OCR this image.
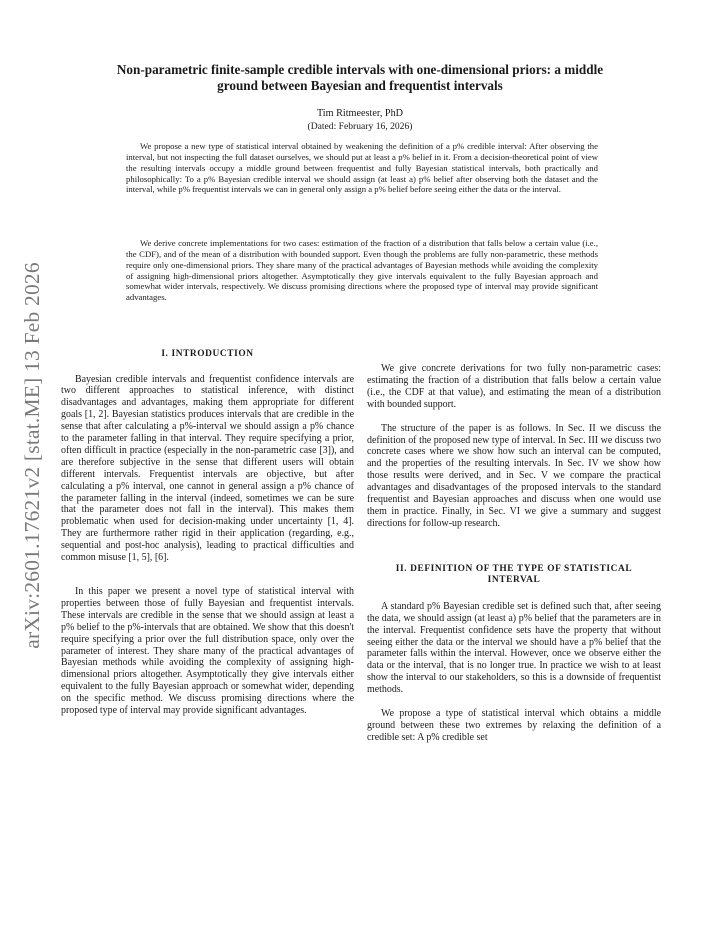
arXiv:2601.17621v2 [stat.ME] 13 Feb 2026
Non-parametric finite-sample credible intervals with one-dimensional priors: a middle ground between Bayesian and frequentist intervals
Tim Ritmeester, PhD
(Dated: February 16, 2026)

We propose a new type of statistical interval obtained by weakening the definition of a p% credible interval: After observing the interval, but not inspecting the full dataset ourselves, we should put at least a p% belief in it. From a decision-theoretical point of view the resulting intervals occupy a middle ground between frequentist and fully Bayesian statistical intervals, both practically and philosophically: To a p% Bayesian credible interval we should assign (at least a) p% belief after observing both the dataset and the interval, while p% frequentist intervals we can in general only assign a p% belief before seeing either the data or the interval.

We derive concrete implementations for two cases: estimation of the fraction of a distribution that falls below a certain value (i.e., the CDF), and of the mean of a distribution with bounded support. Even though the problems are fully non-parametric, these methods require only one-dimensional priors. They share many of the practical advantages of Bayesian methods while avoiding the complexity of assigning high-dimensional priors altogether. Asymptotically they give intervals equivalent to the fully Bayesian approach and somewhat wider intervals, respectively. We discuss promising directions where the proposed type of interval may provide significant advantages.

I. INTRODUCTION

Bayesian credible intervals and frequentist confidence intervals are two different approaches to statistical inference, with distinct disadvantages and advantages, making them appropriate for different goals [1, 2]. Bayesian statistics produces intervals that are credible in the sense that after calculating a p%-interval we should assign a p% chance to the parameter falling in that interval. They require specifying a prior, often difficult in practice (especially in the non-parametric case [3]), and are therefore subjective in the sense that different users will obtain different intervals. Frequentist intervals are objective, but after calculating a p% interval, one cannot in general assign a p% chance of the parameter falling in the interval (indeed, sometimes we can be sure that the parameter does not fall in the interval). This makes them problematic when used for decision-making under uncertainty [1, 4]. They are furthermore rather rigid in their application (regarding, e.g., sequential and post-hoc analysis), leading to practical difficulties and common misuse [1, 5], [6].

In this paper we present a novel type of statistical interval with properties between those of fully Bayesian and frequentist intervals. These intervals are credible in the sense that we should assign at least a p% belief to the p%-intervals that are obtained. We show that this doesn't require specifying a prior over the full distribution space, only over the parameter of interest. They share many of the practical advantages of Bayesian methods while avoiding the complexity of assigning high-dimensional priors altogether. Asymptotically they give intervals either equivalent to the fully Bayesian approach or somewhat wider, depending on the specific method. We discuss promising directions where the proposed type of interval may provide significant advantages.

We give concrete derivations for two fully non-parametric cases: estimating the fraction of a distribution that falls below a certain value (i.e., the CDF at that value), and estimating the mean of a distribution with bounded support.

The structure of the paper is as follows. In Sec. II we discuss the definition of the proposed new type of interval. In Sec. III we discuss two concrete cases where we show how such an interval can be computed, and the properties of the resulting intervals. In Sec. IV we show how those results were derived, and in Sec. V we compare the practical advantages and disadvantages of the proposed intervals to the standard frequentist and Bayesian approaches and discuss when one would use them in practice. Finally, in Sec. VI we give a summary and suggest directions for follow-up research.

II. DEFINITION OF THE TYPE OF STATISTICAL INTERVAL

A standard p% Bayesian credible set is defined such that, after seeing the data, we should assign (at least a) p% belief that the parameters are in the interval. Frequentist confidence sets have the property that without seeing either the data or the interval we should have a p% belief that the parameter falls within the interval. However, once we observe either the data or the interval, that is no longer true. In practice we wish to at least show the interval to our stakeholders, so this is a downside of frequentist methods.

We propose a type of statistical interval which obtains a middle ground between these two extremes by relaxing the definition of a credible set: A p% credible set
